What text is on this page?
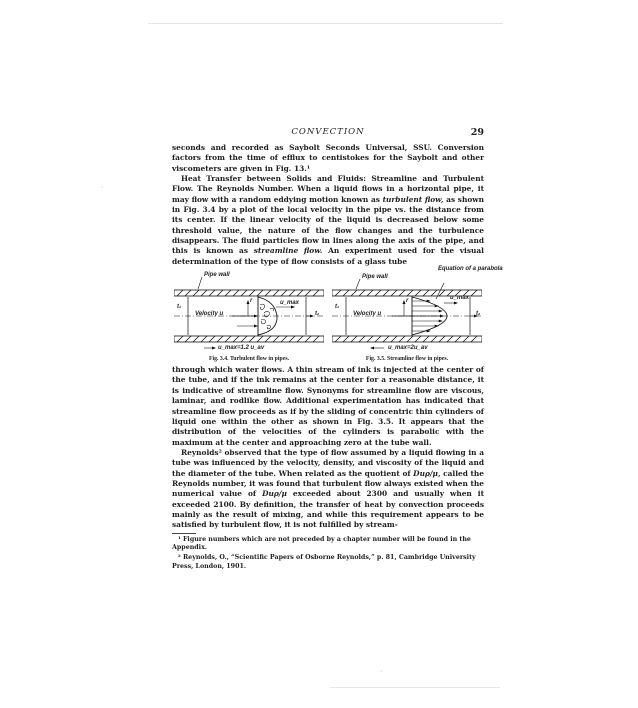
·
·
CONVECTION	29

seconds and recorded as Saybolt Seconds Universal, SSU. Conversion factors from the time of efflux to centistokes for the Saybolt and other viscometers are given in Fig. 13.¹

Heat Transfer between Solids and Fluids: Streamline and Turbulent Flow. The Reynolds Number. When a liquid flows in a horizontal pipe, it may flow with a random eddying motion known as turbulent flow, as shown in Fig. 3.4 by a plot of the local velocity in the pipe vs. the distance from its center. If the linear velocity of the liquid is decreased below some threshold value, the nature of the flow changes and the turbulence disappears. The fluid particles flow in lines along the axis of the pipe, and this is known as streamline flow. An experiment used for the visual determination of the type of flow consists of a glass tube

Pipe wall
t₁
t₂
Velocity u
r	u_max
u_max=1.2 u_av
Fig. 3.4. Turbulent flow in pipes.
Pipe wall
Equation of a parabola
t₁
t₂
Velocity u
r	u_max
u_max=2u_av
Fig. 3.5. Streamline flow in pipes.

through which water flows. A thin stream of ink is injected at the center of the tube, and if the ink remains at the center for a reasonable distance, it is indicative of streamline flow. Synonyms for streamline flow are viscous, laminar, and rodlike flow. Additional experimentation has indicated that streamline flow proceeds as if by the sliding of concentric thin cylinders of liquid one within the other as shown in Fig. 3.5. It appears that the distribution of the velocities of the cylinders is parabolic with the maximum at the center and approaching zero at the tube wall.

Reynolds² observed that the type of flow assumed by a liquid flowing in a tube was influenced by the velocity, density, and viscosity of the liquid and the diameter of the tube. When related as the quotient of Duρ/μ, called the Reynolds number, it was found that turbulent flow always existed when the numerical value of Duρ/μ exceeded about 2300 and usually when it exceeded 2100. By definition, the transfer of heat by convection proceeds mainly as the result of mixing, and while this requirement appears to be satisfied by turbulent flow, it is not fulfilled by stream-

¹ Figure numbers which are not preceded by a chapter number will be found in the Appendix.

² Reynolds, O., “Scientific Papers of Osborne Reynolds,” p. 81, Cambridge University Press, London, 1901.
